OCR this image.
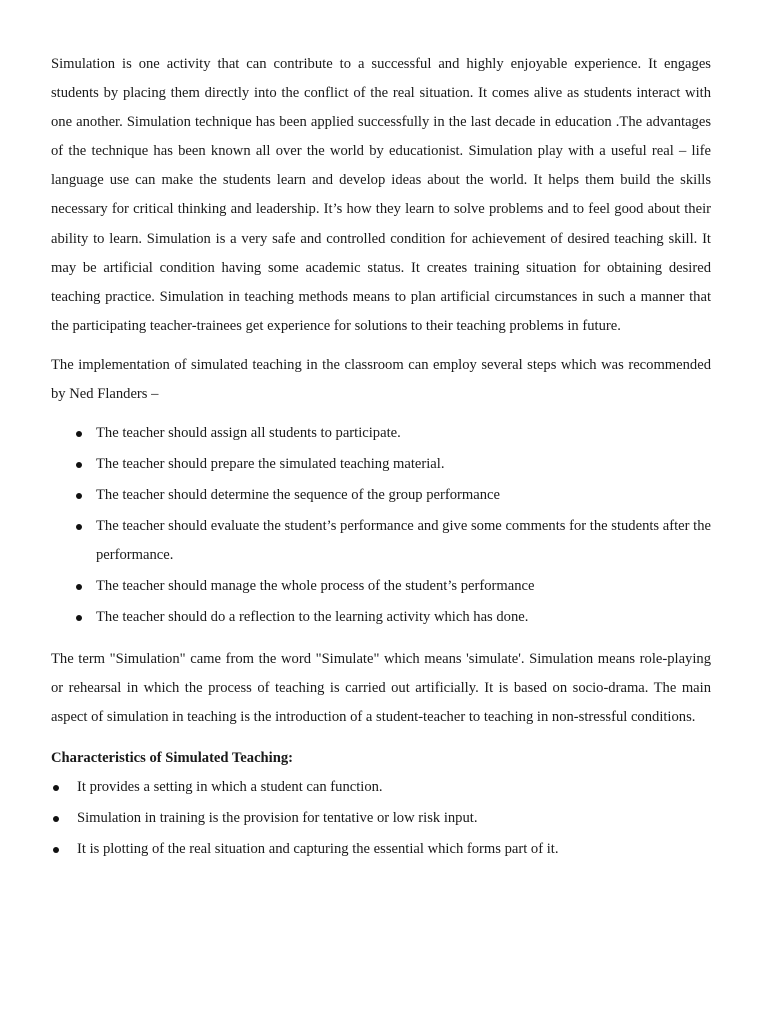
Simulation is one activity that can contribute to a successful and highly enjoyable experience. It engages students by placing them directly into the conflict of the real situation. It comes alive as students interact with one another. Simulation technique has been applied successfully in the last decade in education .The advantages of the technique has been known all over the world by educationist. Simulation play with a useful real – life language use can make the students learn and develop ideas about the world. It helps them build the skills necessary for critical thinking and leadership. It’s how they learn to solve problems and to feel good about their ability to learn. Simulation is a very safe and controlled condition for achievement of desired teaching skill. It may be artificial condition having some academic status. It creates training situation for obtaining desired teaching practice. Simulation in teaching methods means to plan artificial circumstances in such a manner that the participating teacher-trainees get experience for solutions to their teaching problems in future.

The implementation of simulated teaching in the classroom can employ several steps which was recommended by Ned Flanders –

The teacher should assign all students to participate.
The teacher should prepare the simulated teaching material.
The teacher should determine the sequence of the group performance
The teacher should evaluate the student’s performance and give some comments for the students after the performance.
The teacher should manage the whole process of the student’s performance
The teacher should do a reflection to the learning activity which has done.

The term "Simulation" came from the word "Simulate" which means 'simulate'. Simulation means role-playing or rehearsal in which the process of teaching is carried out artificially. It is based on socio-drama. The main aspect of simulation in teaching is the introduction of a student-teacher to teaching in non-stressful conditions.

Characteristics of Simulated Teaching:
It provides a setting in which a student can function.
Simulation in training is the provision for tentative or low risk input.
It is plotting of the real situation and capturing the essential which forms part of it.
